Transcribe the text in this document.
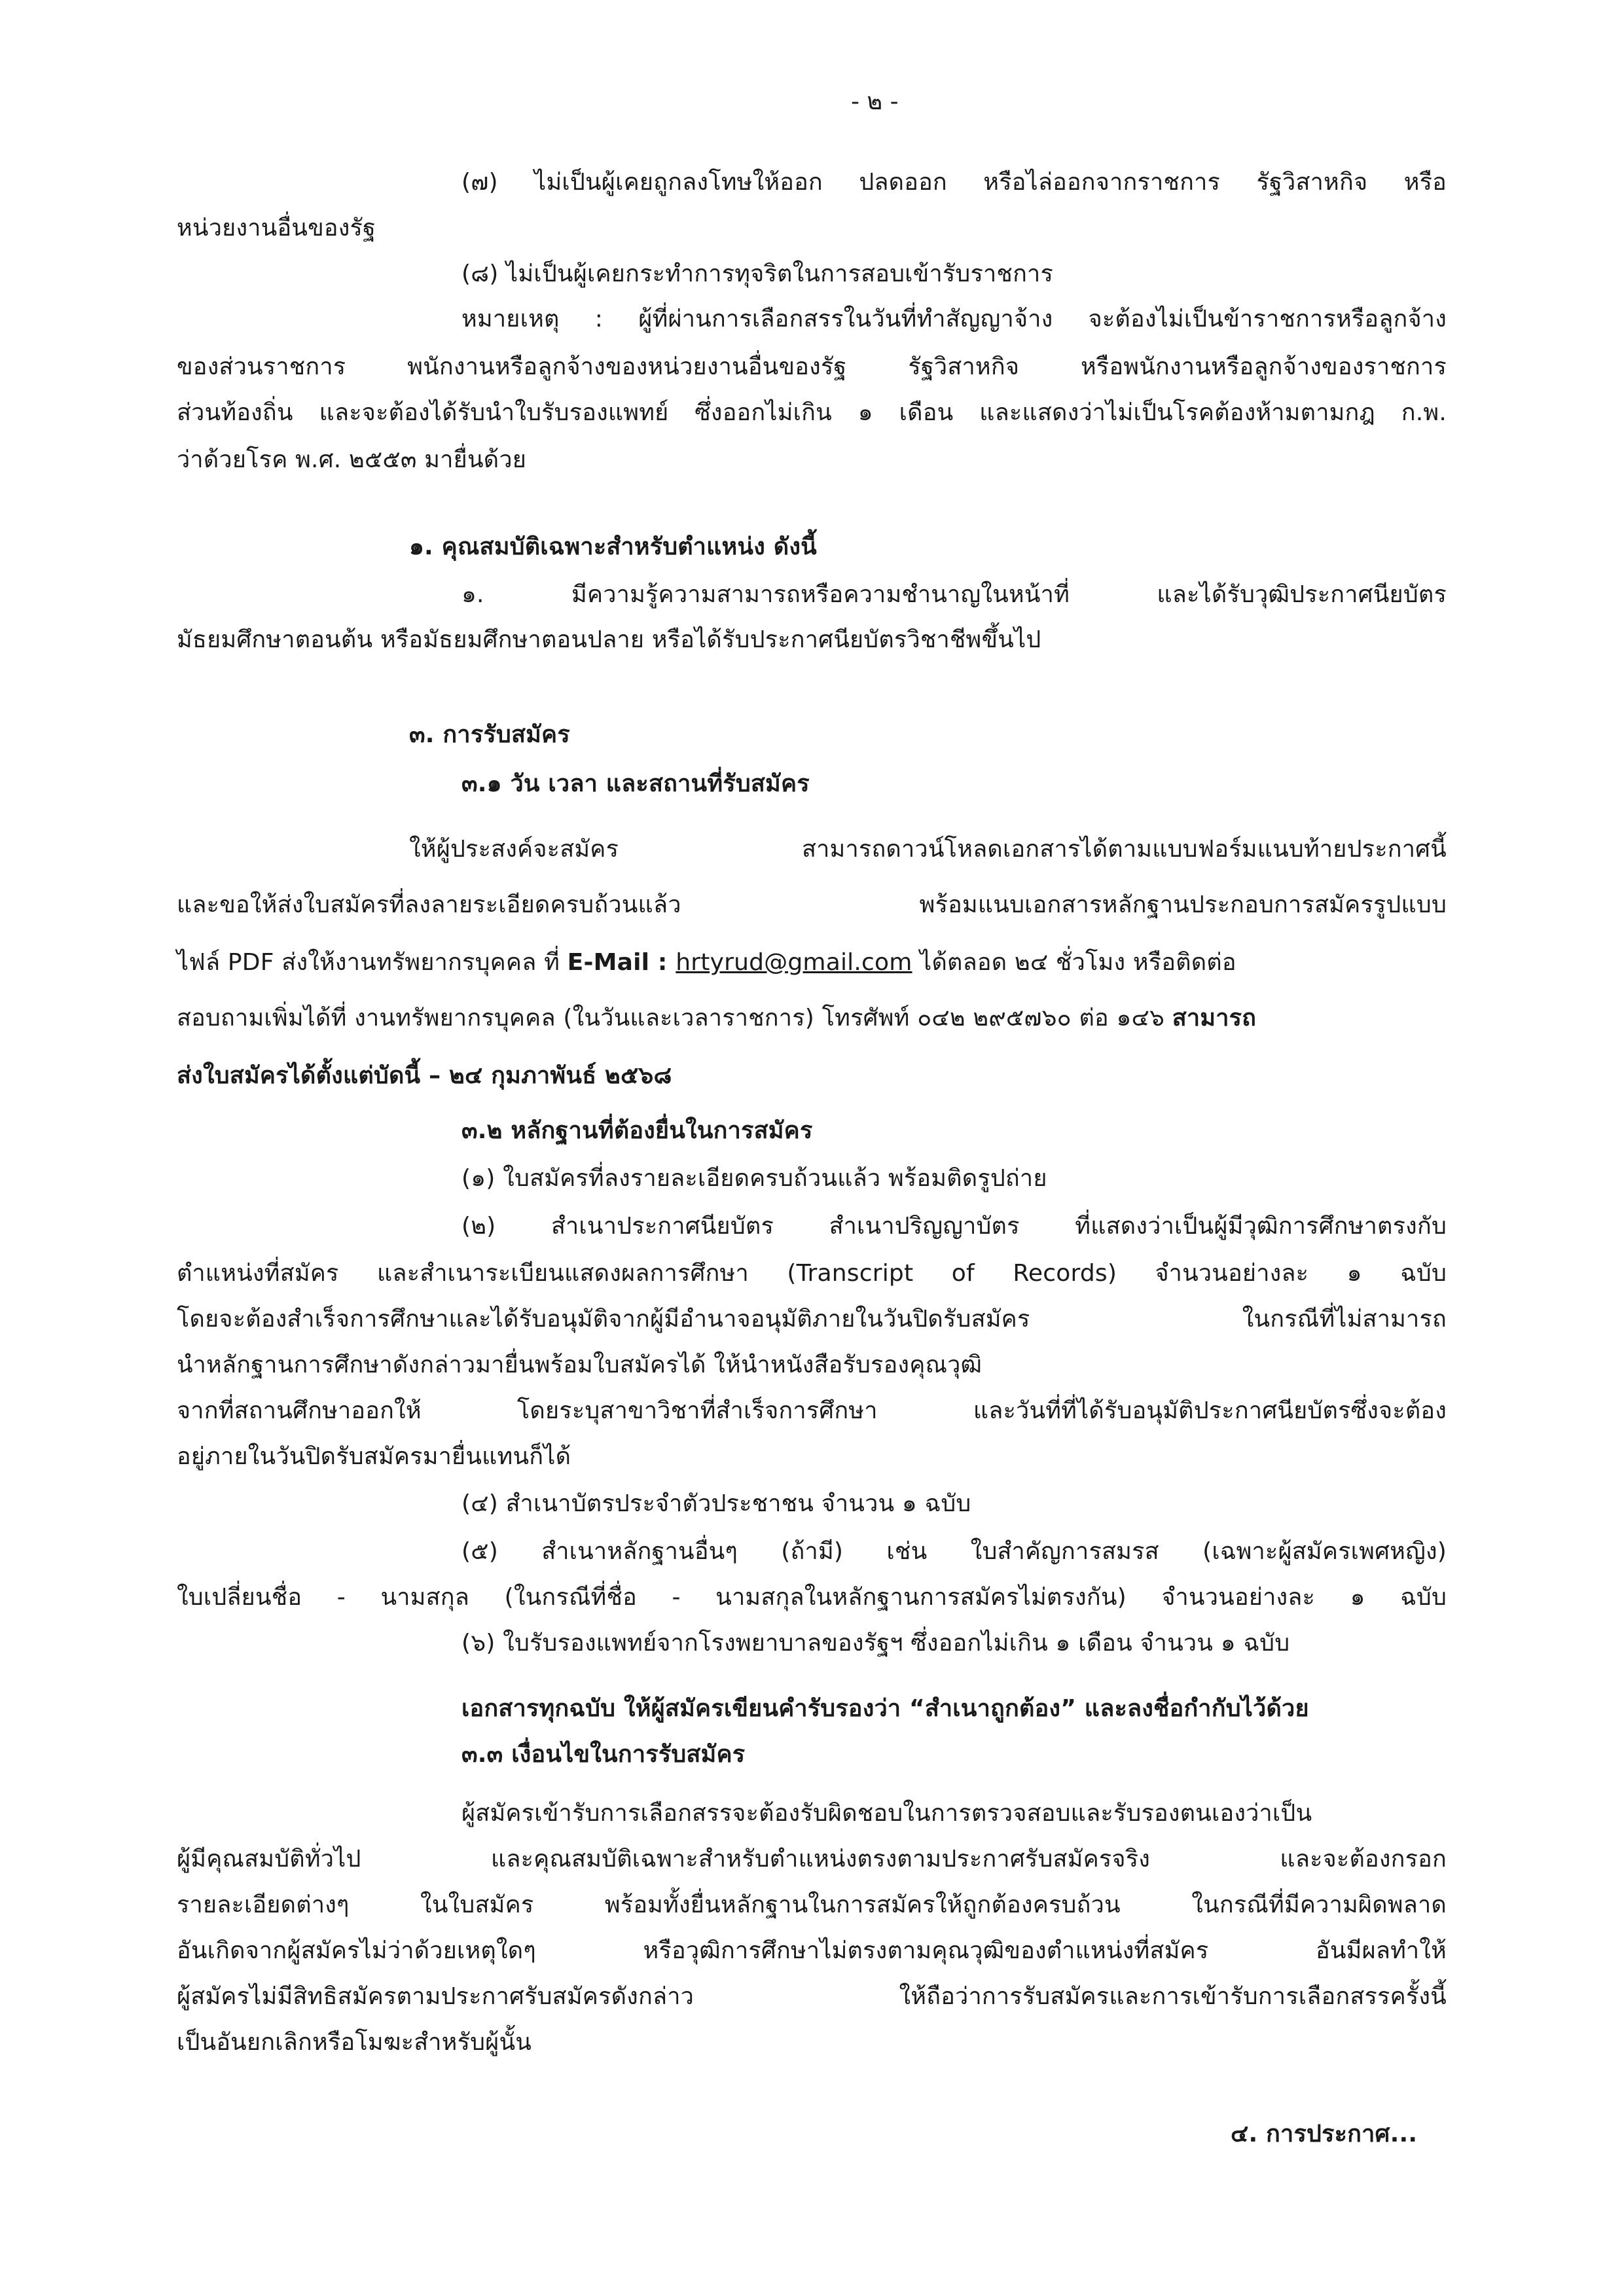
- ๒ -
(๗) ไม่เป็นผู้เคยถูกลงโทษให้ออก ปลดออก หรือไล่ออกจากราชการ รัฐวิสาหกิจ หรือ
หน่วยงานอื่นของรัฐ
(๘) ไม่เป็นผู้เคยกระทำการทุจริตในการสอบเข้ารับราชการ
หมายเหตุ : ผู้ที่ผ่านการเลือกสรรในวันที่ทำสัญญาจ้าง จะต้องไม่เป็นข้าราชการหรือลูกจ้าง
ของส่วนราชการ พนักงานหรือลูกจ้างของหน่วยงานอื่นของรัฐ รัฐวิสาหกิจ หรือพนักงานหรือลูกจ้างของราชการ
ส่วนท้องถิ่น และจะต้องได้รับนำใบรับรองแพทย์ ซึ่งออกไม่เกิน ๑ เดือน และแสดงว่าไม่เป็นโรคต้องห้ามตามกฎ ก.พ.
ว่าด้วยโรค พ.ศ. ๒๕๕๓ มายื่นด้วย
๑. คุณสมบัติเฉพาะสำหรับตำแหน่ง ดังนี้
๑. มีความรู้ความสามารถหรือความชำนาญในหน้าที่ และได้รับวุฒิประกาศนียบัตร
มัธยมศึกษาตอนต้น หรือมัธยมศึกษาตอนปลาย หรือได้รับประกาศนียบัตรวิชาชีพขึ้นไป
๓. การรับสมัคร
๓.๑ วัน เวลา และสถานที่รับสมัคร
ให้ผู้ประสงค์จะสมัคร สามารถดาวน์โหลดเอกสารได้ตามแบบฟอร์มแนบท้ายประกาศนี้
และขอให้ส่งใบสมัครที่ลงลายระเอียดครบถ้วนแล้ว พร้อมแนบเอกสารหลักฐานประกอบการสมัครรูปแบบ
ไฟล์ PDF ส่งให้งานทรัพยากรบุคคล ที่ E-Mail : hrtyrud@gmail.com ได้ตลอด ๒๔ ชั่วโมง หรือติดต่อ
สอบถามเพิ่มได้ที่ งานทรัพยากรบุคคล (ในวันและเวลาราชการ) โทรศัพท์ ๐๔๒ ๒๙๕๗๖๐ ต่อ ๑๔๖ สามารถ
ส่งใบสมัครได้ตั้งแต่บัดนี้ – ๒๔ กุมภาพันธ์ ๒๕๖๘
๓.๒ หลักฐานที่ต้องยื่นในการสมัคร
(๑) ใบสมัครที่ลงรายละเอียดครบถ้วนแล้ว พร้อมติดรูปถ่าย
(๒) สำเนาประกาศนียบัตร สำเนาปริญญาบัตร ที่แสดงว่าเป็นผู้มีวุฒิการศึกษาตรงกับ
ตำแหน่งที่สมัคร และสำเนาระเบียนแสดงผลการศึกษา (Transcript of Records) จำนวนอย่างละ ๑ ฉบับ
โดยจะต้องสำเร็จการศึกษาและได้รับอนุมัติจากผู้มีอำนาจอนุมัติภายในวันปิดรับสมัคร ในกรณีที่ไม่สามารถ
นำหลักฐานการศึกษาดังกล่าวมายื่นพร้อมใบสมัครได้ ให้นำหนังสือรับรองคุณวุฒิ
จากที่สถานศึกษาออกให้ โดยระบุสาขาวิชาที่สำเร็จการศึกษา และวันที่ที่ได้รับอนุมัติประกาศนียบัตรซึ่งจะต้อง
อยู่ภายในวันปิดรับสมัครมายื่นแทนก็ได้
(๔) สำเนาบัตรประจำตัวประชาชน จำนวน ๑ ฉบับ
(๕) สำเนาหลักฐานอื่นๆ (ถ้ามี) เช่น ใบสำคัญการสมรส (เฉพาะผู้สมัครเพศหญิง)
ใบเปลี่ยนชื่อ - นามสกุล (ในกรณีที่ชื่อ - นามสกุลในหลักฐานการสมัครไม่ตรงกัน) จำนวนอย่างละ ๑ ฉบับ
(๖) ใบรับรองแพทย์จากโรงพยาบาลของรัฐฯ ซึ่งออกไม่เกิน ๑ เดือน จำนวน ๑ ฉบับ
เอกสารทุกฉบับ ให้ผู้สมัครเขียนคำรับรองว่า “สำเนาถูกต้อง” และลงชื่อกำกับไว้ด้วย
๓.๓ เงื่อนไขในการรับสมัคร
ผู้สมัครเข้ารับการเลือกสรรจะต้องรับผิดชอบในการตรวจสอบและรับรองตนเองว่าเป็น
ผู้มีคุณสมบัติทั่วไป และคุณสมบัติเฉพาะสำหรับตำแหน่งตรงตามประกาศรับสมัครจริง และจะต้องกรอก
รายละเอียดต่างๆ ในใบสมัคร พร้อมทั้งยื่นหลักฐานในการสมัครให้ถูกต้องครบถ้วน ในกรณีที่มีความผิดพลาด
อันเกิดจากผู้สมัครไม่ว่าด้วยเหตุใดๆ หรือวุฒิการศึกษาไม่ตรงตามคุณวุฒิของตำแหน่งที่สมัคร อันมีผลทำให้
ผู้สมัครไม่มีสิทธิสมัครตามประกาศรับสมัครดังกล่าว ให้ถือว่าการรับสมัครและการเข้ารับการเลือกสรรครั้งนี้
เป็นอันยกเลิกหรือโมฆะสำหรับผู้นั้น
๔. การประกาศ...
